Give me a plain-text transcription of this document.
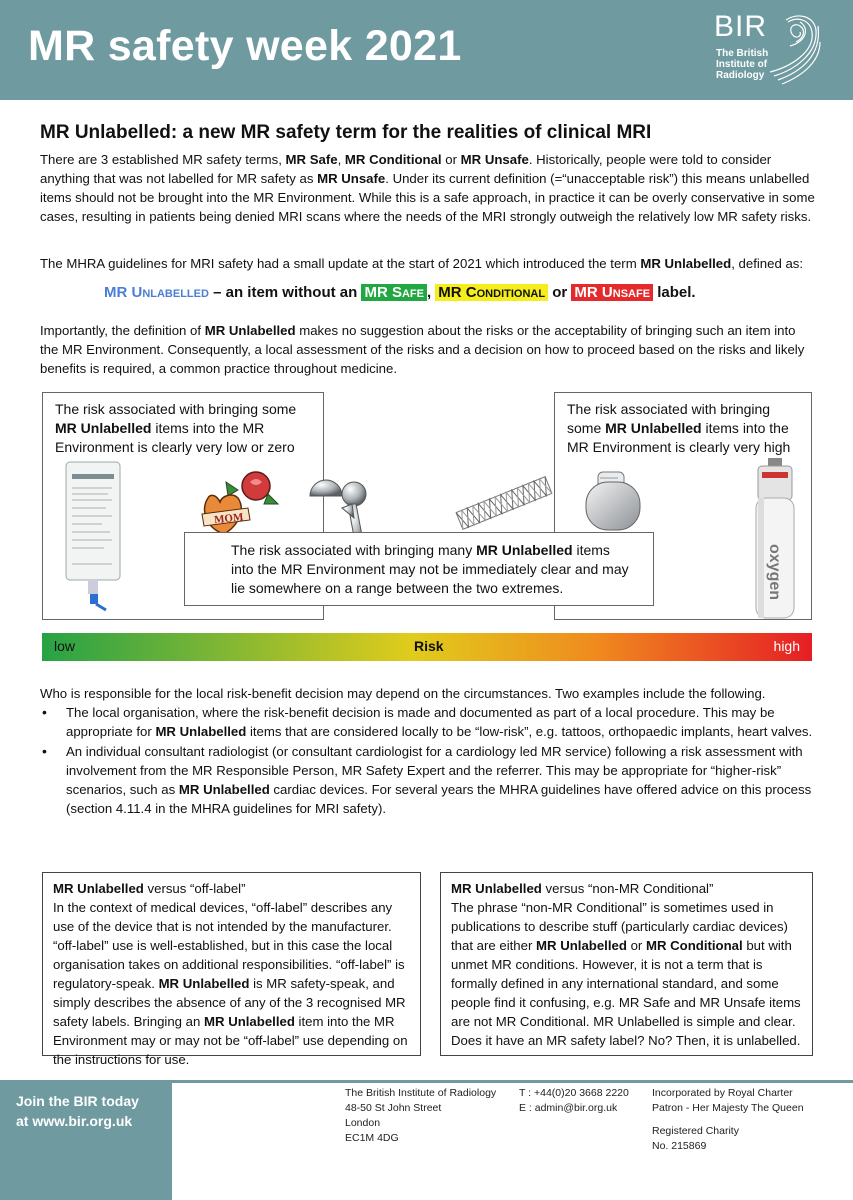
MR safety week 2021	BIR
The British
Institute of
Radiology
MR Unlabelled: a new MR safety term for the realities of clinical MRI
There are 3 established MR safety terms, MR Safe, MR Conditional or MR Unsafe. Historically, people were told to consider anything that was not labelled for MR safety as MR Unsafe. Under its current definition (=“unacceptable risk”) this means unlabelled items should not be brought into the MR Environment. While this is a safe approach, in practice it can be overly conservative in some cases, resulting in patients being denied MRI scans where the needs of the MRI strongly outweigh the relatively low MR safety risks.
The MHRA guidelines for MRI safety had a small update at the start of 2021 which introduced the term MR Unlabelled, defined as:
MR Unlabelled – an item without an MR Safe , MR Conditional or MR Unsafe label.
Importantly, the definition of MR Unlabelled makes no suggestion about the risks or the acceptability of bringing such an item into the MR Environment. Consequently, a local assessment of the risks and a decision on how to proceed based on the risks and likely benefits is required, a common practice throughout medicine.
The risk associated with bringing some MR Unlabelled items into the MR Environment is clearly very low or zero
The risk associated with bringing some MR Unlabelled items into the MR Environment is clearly very high
MOM
oxygen
The risk associated with bringing many MR Unlabelled items into the MR Environment may not be immediately clear and may lie somewhere on a range between the two extremes.
low	Risk	high
Who is responsible for the local risk-benefit decision may depend on the circumstances. Two examples include the following.
• The local organisation, where the risk-benefit decision is made and documented as part of a local procedure. This may be appropriate for MR Unlabelled items that are considered locally to be “low-risk”, e.g. tattoos, orthopaedic implants, heart valves.
• An individual consultant radiologist (or consultant cardiologist for a cardiology led MR service) following a risk assessment with involvement from the MR Responsible Person, MR Safety Expert and the referrer. This may be appropriate for “higher-risk” scenarios, such as MR Unlabelled cardiac devices. For several years the MHRA guidelines have offered advice on this process (section 4.11.4 in the MHRA guidelines for MRI safety).
MR Unlabelled versus “off-label”
In the context of medical devices, “off-label” describes any use of the device that is not intended by the manufacturer. “off-label” use is well-established, but in this case the local organisation takes on additional responsibilities. “off-label” is regulatory-speak. MR Unlabelled is MR safety-speak, and simply describes the absence of any of the 3 recognised MR safety labels. Bringing an MR Unlabelled item into the MR Environment may or may not be “off-label” use depending on the instructions for use.
MR Unlabelled versus “non-MR Conditional”
The phrase “non-MR Conditional” is sometimes used in publications to describe stuff (particularly cardiac devices) that are either MR Unlabelled or MR Conditional but with unmet MR conditions. However, it is not a term that is formally defined in any international standard, and some people find it confusing, e.g. MR Safe and MR Unsafe items are not MR Conditional. MR Unlabelled is simple and clear. Does it have an MR safety label? No? Then, it is unlabelled.
Join the BIR today
at www.bir.org.uk
The British Institute of Radiology
48-50 St John Street
London
EC1M 4DG
T : +44(0)20 3668 2220
E : admin@bir.org.uk
Incorporated by Royal Charter
Patron - Her Majesty The Queen
Registered Charity
No. 215869
